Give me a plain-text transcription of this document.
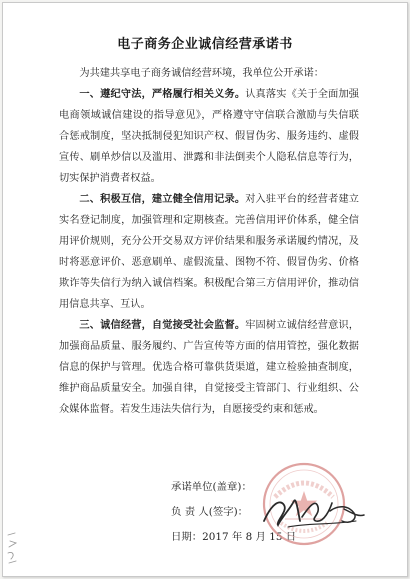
电子商务企业诚信经营承诺书

为共建共享电子商务诚信经营环境，我单位公开承诺：

一、遵纪守法，严格履行相关义务。认真落实《关于全面加强电商领域诚信建设的指导意见》，严格遵守守信联合激励与失信联合惩戒制度，坚决抵制侵犯知识产权、假冒伪劣、服务违约、虚假宣传、刷单炒信以及滥用、泄露和非法倒卖个人隐私信息等行为，切实保护消费者权益。

二、积极互信，建立健全信用记录。对入驻平台的经营者建立实名登记制度，加强管理和定期核查。完善信用评价体系，健全信用评价规则，充分公开交易双方评价结果和服务承诺履约情况，及时将恶意评价、恶意刷单、虚假流量、图物不符、假冒伪劣、价格欺诈等失信行为纳入诚信档案。积极配合第三方信用评价，推动信用信息共享、互认。

三、诚信经营，自觉接受社会监督。牢固树立诚信经营意识，加强商品质量、服务履约、广告宣传等方面的信用管控，强化数据信息的保护与管理。优选合格可靠供货渠道，建立检验抽查制度，维护商品质量安全。加强自律，自觉接受主管部门、行业组织、公众媒体监督。若发生违法失信行为，自愿接受约束和惩戒。

承诺单位(盖章)：
负 责 人(签字)：
日期：2017 年 8 月 15 日
